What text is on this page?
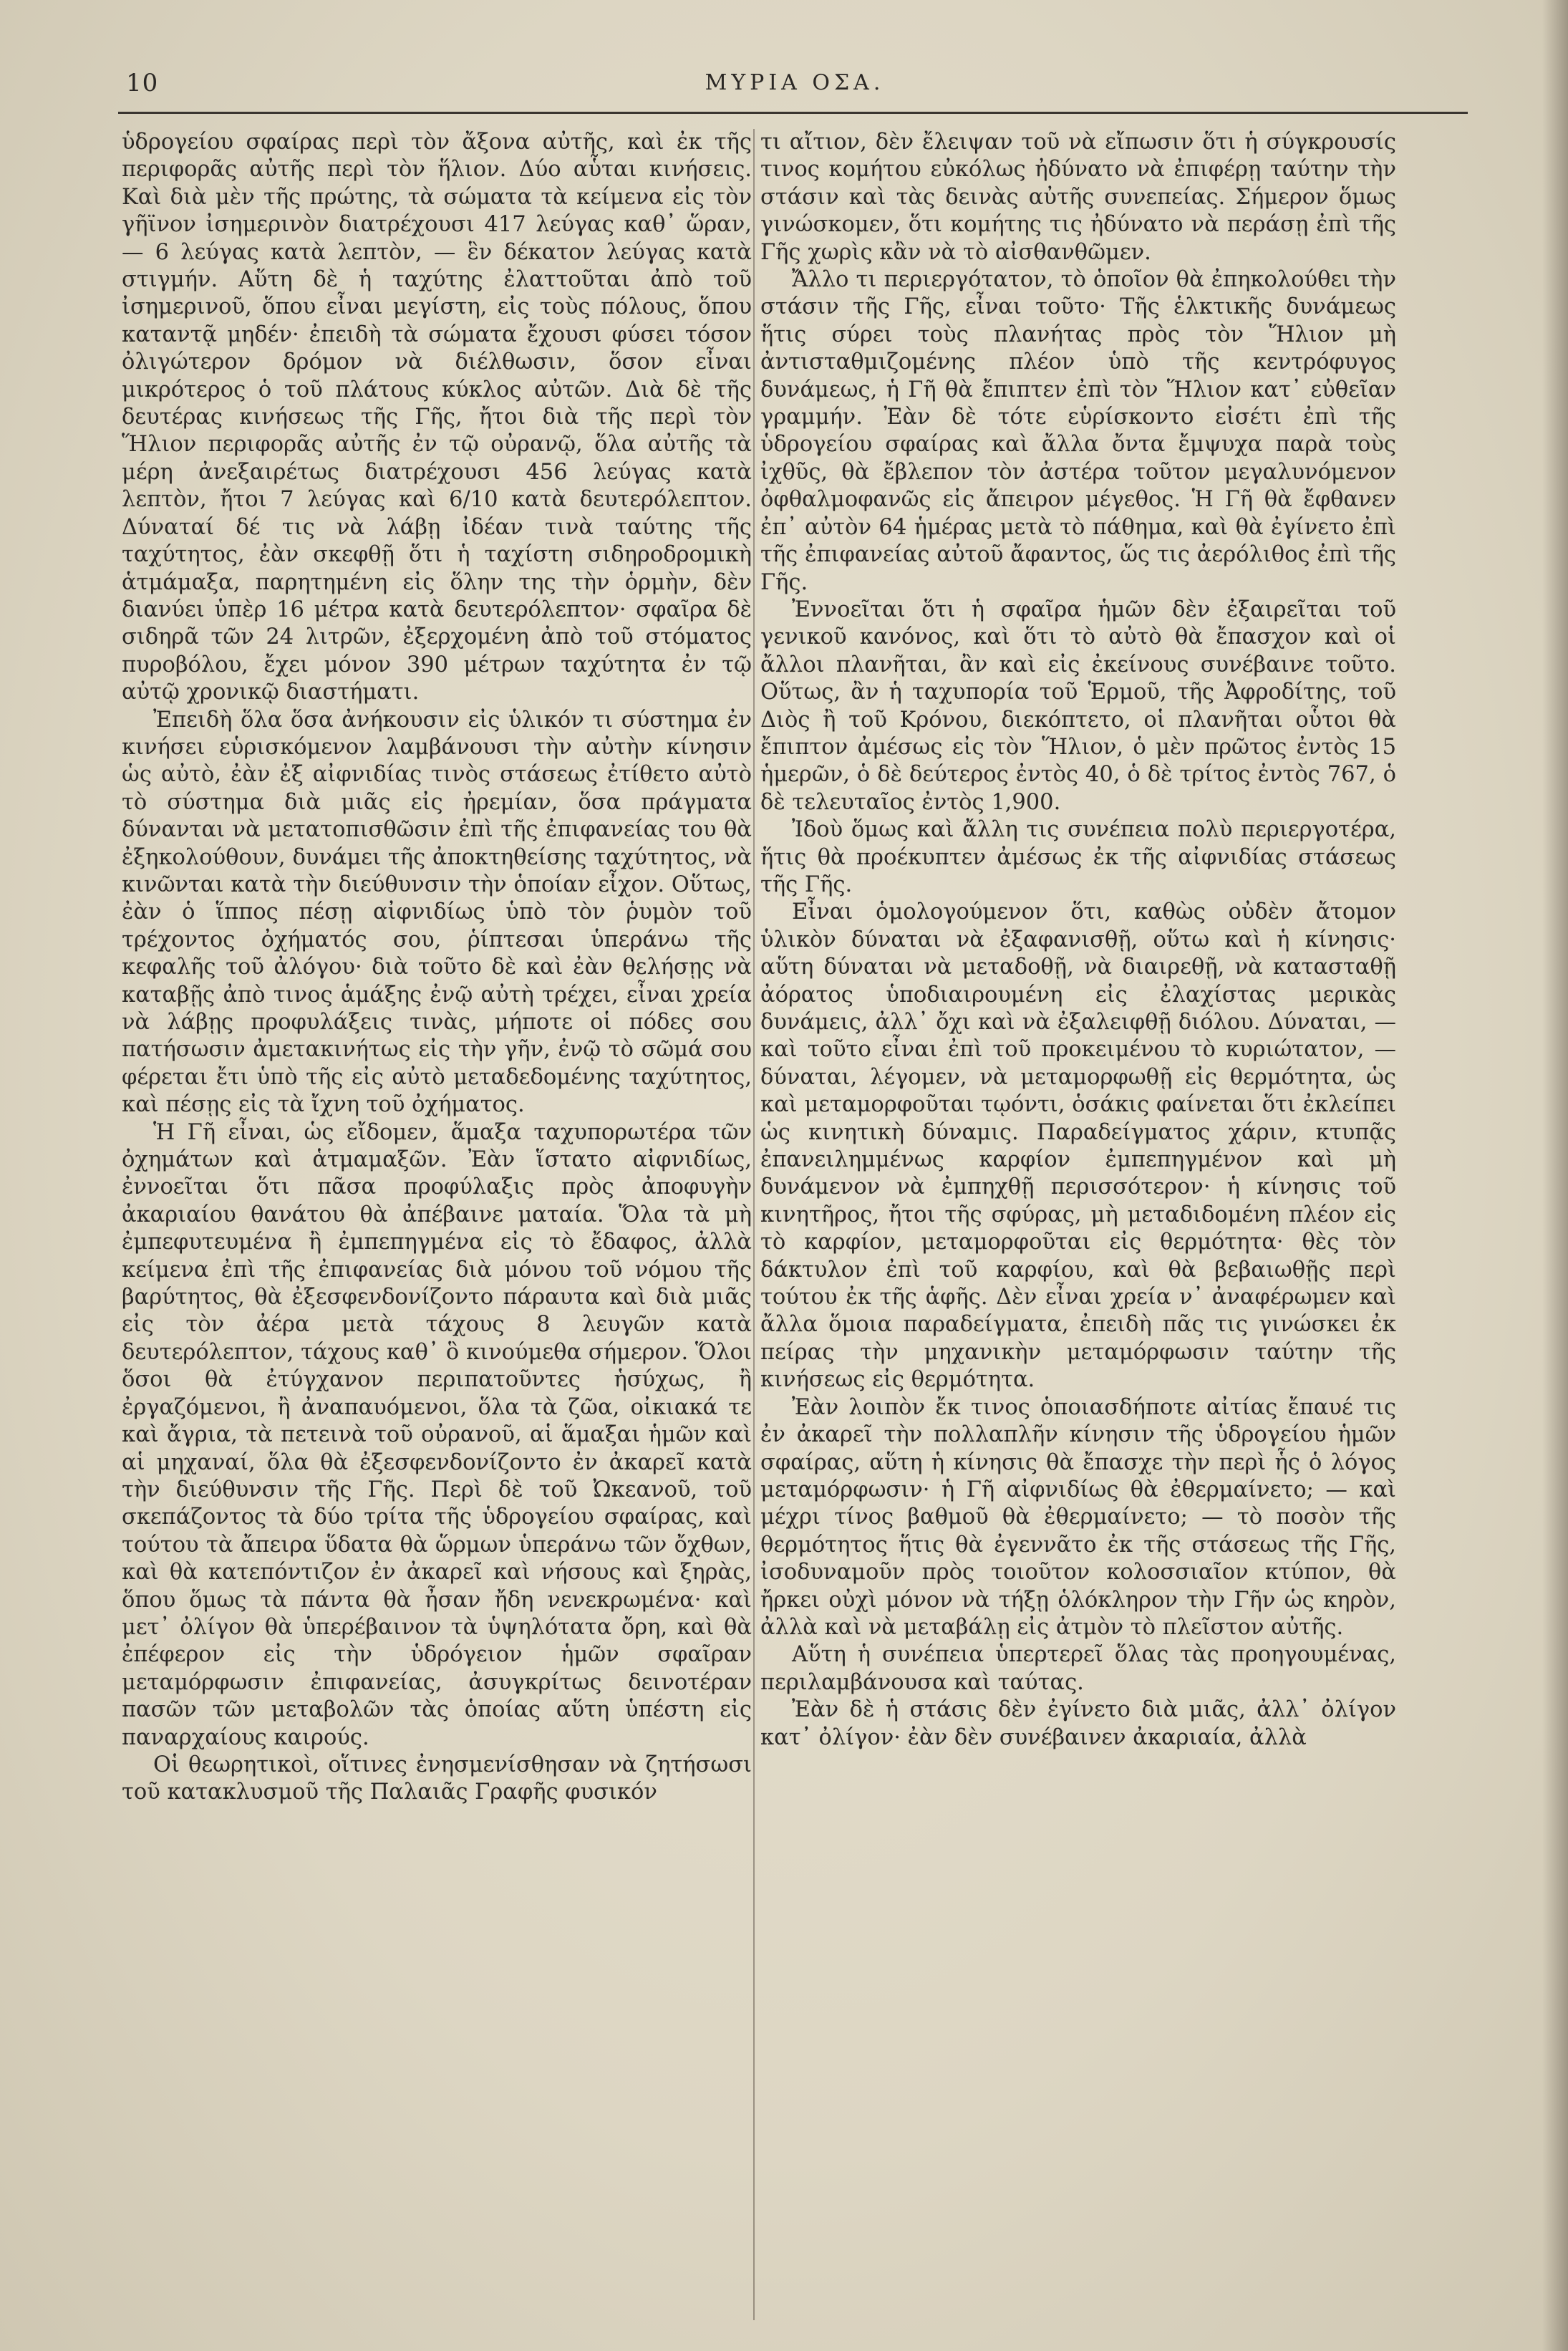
10	ΜΥΡΙΑ ΟΣΑ.

ὑδρογείου σφαίρας περὶ τὸν ἄξονα αὐτῆς, καὶ ἐκ τῆς περιφορᾶς αὐτῆς περὶ τὸν ἥλιον. Δύο αὗται κινήσεις. Καὶ διὰ μὲν τῆς πρώτης, τὰ σώματα τὰ κείμενα εἰς τὸν γῆϊνον ἰσημερινὸν διατρέχουσι 417 λεύγας καθ᾽ ὥραν, — 6 λεύγας κατὰ λεπτὸν, — ἓν δέκατον λεύγας κατὰ στιγμήν. Αὕτη δὲ ἡ ταχύτης ἐλαττοῦται ἀπὸ τοῦ ἰσημερινοῦ, ὅπου εἶναι μεγίστη, εἰς τοὺς πόλους, ὅπου καταντᾷ μηδέν· ἐπειδὴ τὰ σώματα ἔχουσι φύσει τόσον ὀλιγώτερον δρόμον νὰ διέλθωσιν, ὅσον εἶναι μικρότερος ὁ τοῦ πλάτους κύκλος αὐτῶν. Διὰ δὲ τῆς δευτέρας κινήσεως τῆς Γῆς, ἤτοι διὰ τῆς περὶ τὸν Ἥλιον περιφορᾶς αὐτῆς ἐν τῷ οὐρανῷ, ὅλα αὐτῆς τὰ μέρη ἀνεξαιρέτως διατρέχουσι 456 λεύγας κατὰ λεπτὸν, ἤτοι 7 λεύγας καὶ 6/10 κατὰ δευτερόλεπτον. Δύναταί δέ τις νὰ λάβῃ ἰδέαν τινὰ ταύτης τῆς ταχύτητος, ἐὰν σκεφθῇ ὅτι ἡ ταχίστη σιδηροδρομικὴ ἁτμάμαξα, παρητημένη εἰς ὅλην της τὴν ὁρμὴν, δὲν διανύει ὑπὲρ 16 μέτρα κατὰ δευτερόλεπτον· σφαῖρα δὲ σιδηρᾶ τῶν 24 λιτρῶν, ἐξερχομένη ἀπὸ τοῦ στόματος πυροβόλου, ἔχει μόνον 390 μέτρων ταχύτητα ἐν τῷ αὐτῷ χρονικῷ διαστήματι.

Ἐπειδὴ ὅλα ὅσα ἀνήκουσιν εἰς ὑλικόν τι σύστημα ἐν κινήσει εὑρισκόμενον λαμβάνουσι τὴν αὐτὴν κίνησιν ὡς αὐτὸ, ἐὰν ἐξ αἰφνιδίας τινὸς στάσεως ἐτίθετο αὐτὸ τὸ σύστημα διὰ μιᾶς εἰς ἠρεμίαν, ὅσα πράγματα δύνανται νὰ μετατοπισθῶσιν ἐπὶ τῆς ἐπιφανείας του θὰ ἐξηκολούθουν, δυνάμει τῆς ἀποκτηθείσης ταχύτητος, νὰ κινῶνται κατὰ τὴν διεύθυνσιν τὴν ὁποίαν εἶχον. Οὕτως, ἐὰν ὁ ἵππος πέσῃ αἰφνιδίως ὑπὸ τὸν ῥυμὸν τοῦ τρέχοντος ὀχήματός σου, ῥίπτεσαι ὑπεράνω τῆς κεφαλῆς τοῦ ἀλόγου· διὰ τοῦτο δὲ καὶ ἐὰν θελήσῃς νὰ καταβῇς ἀπὸ τινος ἁμάξης ἐνῷ αὐτὴ τρέχει, εἶναι χρεία νὰ λάβῃς προφυλάξεις τινὰς, μήποτε οἱ πόδες σου πατήσωσιν ἀμετακινήτως εἰς τὴν γῆν, ἐνῷ τὸ σῶμά σου φέρεται ἔτι ὑπὸ τῆς εἰς αὐτὸ μεταδεδομένης ταχύτητος, καὶ πέσῃς εἰς τὰ ἴχνη τοῦ ὀχήματος.

Ἡ Γῆ εἶναι, ὡς εἴδομεν, ἅμαξα ταχυπορωτέρα τῶν ὀχημάτων καὶ ἁτμαμαξῶν. Ἐὰν ἵστατο αἰφνιδίως, ἐννοεῖται ὅτι πᾶσα προφύλαξις πρὸς ἀποφυγὴν ἀκαριαίου θανάτου θὰ ἀπέβαινε ματαία. Ὅλα τὰ μὴ ἐμπεφυτευμένα ἢ ἐμπεπηγμένα εἰς τὸ ἔδαφος, ἀλλὰ κείμενα ἐπὶ τῆς ἐπιφανείας διὰ μόνου τοῦ νόμου τῆς βαρύτητος, θὰ ἐξεσφενδονίζοντο πάραυτα καὶ διὰ μιᾶς εἰς τὸν ἀέρα μετὰ τάχους 8 λευγῶν κατὰ δευτερόλεπτον, τάχους καθ᾽ ὃ κινούμεθα σήμερον. Ὅλοι ὅσοι θὰ ἐτύγχανον περιπατοῦντες ἡσύχως, ἢ ἐργαζόμενοι, ἢ ἀναπαυόμενοι, ὅλα τὰ ζῶα, οἰκιακά τε καὶ ἄγρια, τὰ πετεινὰ τοῦ οὐρανοῦ, αἱ ἅμαξαι ἡμῶν καὶ αἱ μηχαναί, ὅλα θὰ ἐξεσφενδονίζοντο ἐν ἀκαρεῖ κατὰ τὴν διεύθυνσιν τῆς Γῆς. Περὶ δὲ τοῦ Ὠκεανοῦ, τοῦ σκεπάζοντος τὰ δύο τρίτα τῆς ὑδρογείου σφαίρας, καὶ τούτου τὰ ἄπειρα ὕδατα θὰ ὥρμων ὑπεράνω τῶν ὄχθων, καὶ θὰ κατεπόντιζον ἐν ἀκαρεῖ καὶ νήσους καὶ ξηρὰς, ὅπου ὅμως τὰ πάντα θὰ ἦσαν ἤδη νενεκρωμένα· καὶ μετ᾽ ὀλίγον θὰ ὑπερέβαινον τὰ ὑψηλότατα ὄρη, καὶ θὰ ἐπέφερον εἰς τὴν ὑδρόγειον ἡμῶν σφαῖραν μεταμόρφωσιν ἐπιφανείας, ἀσυγκρίτως δεινοτέραν πασῶν τῶν μεταβολῶν τὰς ὁποίας αὕτη ὑπέστη εἰς παναρχαίους καιρούς.

Οἱ θεωρητικοὶ, οἵτινες ἐνησμενίσθησαν νὰ ζητήσωσι τοῦ κατακλυσμοῦ τῆς Παλαιᾶς Γραφῆς φυσικόν

τι αἴτιον, δὲν ἔλειψαν τοῦ νὰ εἴπωσιν ὅτι ἡ σύγκρουσίς τινος κομήτου εὐκόλως ἠδύνατο νὰ ἐπιφέρῃ ταύτην τὴν στάσιν καὶ τὰς δεινὰς αὐτῆς συνεπείας. Σήμερον ὅμως γινώσκομεν, ὅτι κομήτης τις ἠδύνατο νὰ περάσῃ ἐπὶ τῆς Γῆς χωρὶς κἂν νὰ τὸ αἰσθανθῶμεν.

Ἄλλο τι περιεργότατον, τὸ ὁποῖον θὰ ἐπηκολούθει τὴν στάσιν τῆς Γῆς, εἶναι τοῦτο· Τῆς ἑλκτικῆς δυνάμεως ἥτις σύρει τοὺς πλανήτας πρὸς τὸν Ἥλιον μὴ ἀντισταθμιζομένης πλέον ὑπὸ τῆς κεντρόφυγος δυνάμεως, ἡ Γῆ θὰ ἔπιπτεν ἐπὶ τὸν Ἥλιον κατ᾽ εὐθεῖαν γραμμήν. Ἐὰν δὲ τότε εὑρίσκοντο εἰσέτι ἐπὶ τῆς ὑδρογείου σφαίρας καὶ ἄλλα ὄντα ἔμψυχα παρὰ τοὺς ἰχθῦς, θὰ ἔβλεπον τὸν ἀστέρα τοῦτον μεγαλυνόμενον ὀφθαλμοφανῶς εἰς ἄπειρον μέγεθος. Ἡ Γῆ θὰ ἔφθανεν ἐπ᾽ αὐτὸν 64 ἡμέρας μετὰ τὸ πάθημα, καὶ θὰ ἐγίνετο ἐπὶ τῆς ἐπιφανείας αὐτοῦ ἄφαντος, ὥς τις ἀερόλιθος ἐπὶ τῆς Γῆς.

Ἐννοεῖται ὅτι ἡ σφαῖρα ἡμῶν δὲν ἐξαιρεῖται τοῦ γενικοῦ κανόνος, καὶ ὅτι τὸ αὐτὸ θὰ ἔπασχον καὶ οἱ ἄλλοι πλανῆται, ἂν καὶ εἰς ἐκείνους συνέβαινε τοῦτο. Οὕτως, ἂν ἡ ταχυπορία τοῦ Ἑρμοῦ, τῆς Ἀφροδίτης, τοῦ Διὸς ἢ τοῦ Κρόνου, διεκόπτετο, οἱ πλανῆται οὗτοι θὰ ἔπιπτον ἀμέσως εἰς τὸν Ἥλιον, ὁ μὲν πρῶτος ἐντὸς 15 ἡμερῶν, ὁ δὲ δεύτερος ἐντὸς 40, ὁ δὲ τρίτος ἐντὸς 767, ὁ δὲ τελευταῖος ἐντὸς 1,900.

Ἰδοὺ ὅμως καὶ ἄλλη τις συνέπεια πολὺ περιεργοτέρα, ἥτις θὰ προέκυπτεν ἀμέσως ἐκ τῆς αἰφνιδίας στάσεως τῆς Γῆς.

Εἶναι ὁμολογούμενον ὅτι, καθὼς οὐδὲν ἄτομον ὑλικὸν δύναται νὰ ἐξαφανισθῇ, οὕτω καὶ ἡ κίνησις· αὕτη δύναται νὰ μεταδοθῇ, νὰ διαιρεθῇ, νὰ κατασταθῇ ἀόρατος ὑποδιαιρουμένη εἰς ἐλαχίστας μερικὰς δυνάμεις, ἀλλ᾽ ὄχι καὶ νὰ ἐξαλειφθῇ διόλου. Δύναται, — καὶ τοῦτο εἶναι ἐπὶ τοῦ προκειμένου τὸ κυριώτατον, — δύναται, λέγομεν, νὰ μεταμορφωθῇ εἰς θερμότητα, ὡς καὶ μεταμορφοῦται τῳόντι, ὁσάκις φαίνεται ὅτι ἐκλείπει ὡς κινητικὴ δύναμις. Παραδείγματος χάριν, κτυπᾷς ἐπανειλημμένως καρφίον ἐμπεπηγμένον καὶ μὴ δυνάμενον νὰ ἐμπηχθῇ περισσότερον· ἡ κίνησις τοῦ κινητῆρος, ἤτοι τῆς σφύρας, μὴ μεταδιδομένη πλέον εἰς τὸ καρφίον, μεταμορφοῦται εἰς θερμότητα· θὲς τὸν δάκτυλον ἐπὶ τοῦ καρφίου, καὶ θὰ βεβαιωθῇς περὶ τούτου ἐκ τῆς ἁφῆς. Δὲν εἶναι χρεία ν᾽ ἀναφέρωμεν καὶ ἄλλα ὅμοια παραδείγματα, ἐπειδὴ πᾶς τις γινώσκει ἐκ πείρας τὴν μηχανικὴν μεταμόρφωσιν ταύτην τῆς κινήσεως εἰς θερμότητα.

Ἐὰν λοιπὸν ἔκ τινος ὁποιασδήποτε αἰτίας ἔπαυέ τις ἐν ἀκαρεῖ τὴν πολλαπλῆν κίνησιν τῆς ὑδρογείου ἡμῶν σφαίρας, αὕτη ἡ κίνησις θὰ ἔπασχε τὴν περὶ ἧς ὁ λόγος μεταμόρφωσιν· ἡ Γῆ αἰφνιδίως θὰ ἐθερμαίνετο; — καὶ μέχρι τίνος βαθμοῦ θὰ ἐθερμαίνετο; — τὸ ποσὸν τῆς θερμότητος ἥτις θὰ ἐγεννᾶτο ἐκ τῆς στάσεως τῆς Γῆς, ἰσοδυναμοῦν πρὸς τοιοῦτον κολοσσιαῖον κτύπον, θὰ ἤρκει οὐχὶ μόνον νὰ τήξῃ ὁλόκληρον τὴν Γῆν ὡς κηρὸν, ἀλλὰ καὶ νὰ μεταβάλῃ εἰς ἀτμὸν τὸ πλεῖστον αὐτῆς.

Αὕτη ἡ συνέπεια ὑπερτερεῖ ὅλας τὰς προηγουμένας, περιλαμβάνουσα καὶ ταύτας.

Ἐὰν δὲ ἡ στάσις δὲν ἐγίνετο διὰ μιᾶς, ἀλλ᾽ ὀλίγον κατ᾽ ὀλίγον· ἐὰν δὲν συνέβαινεν ἀκαριαία, ἀλλὰ
